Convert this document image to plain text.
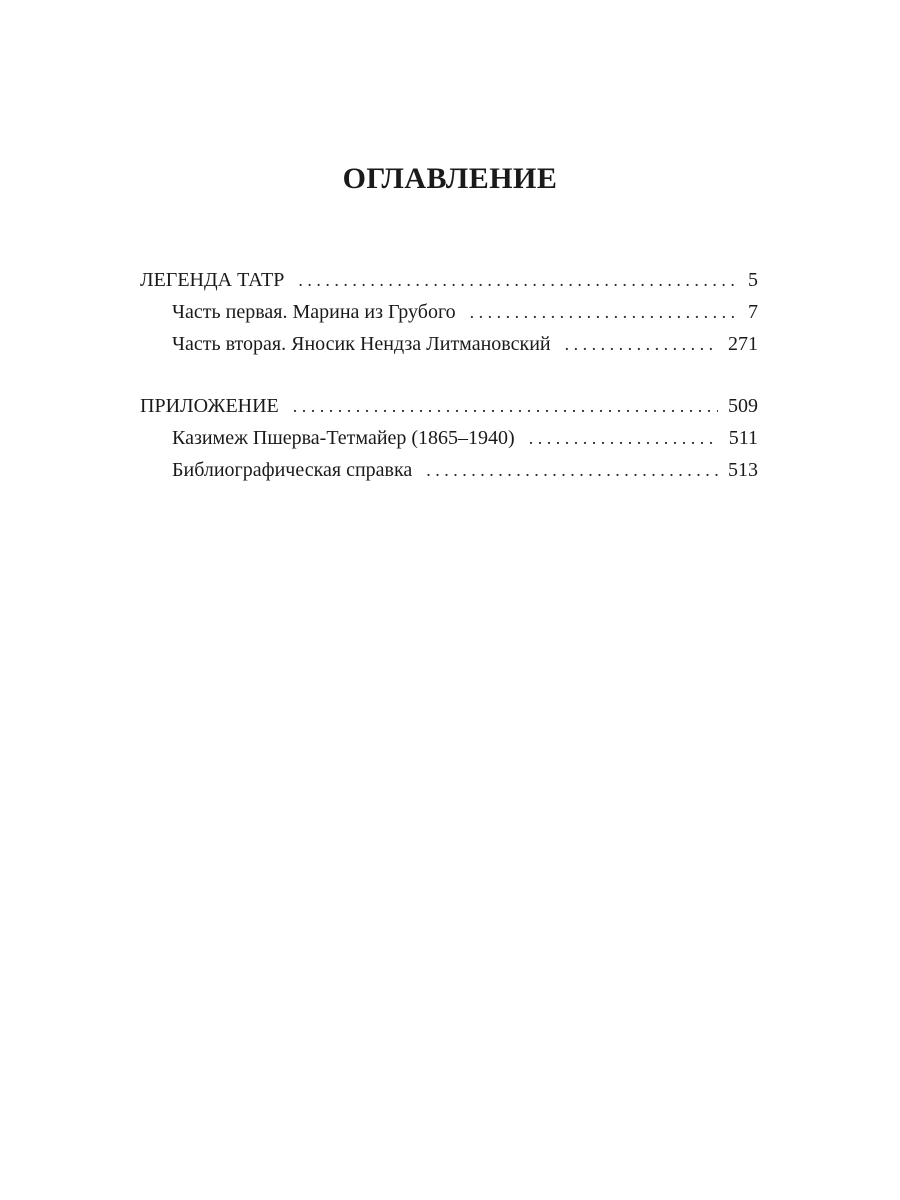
ОГЛАВЛЕНИЕ
ЛЕГЕНДА ТАТР . . .	5
Часть первая. Марина из Грубого . . .	7
Часть вторая. Яносик Нендза Литмановский . . .	271
ПРИЛОЖЕНИЕ . . .	509
Казимеж Пшерва-Тетмайер (1865–1940) . . .	511
Библиографическая справка . . .	513
